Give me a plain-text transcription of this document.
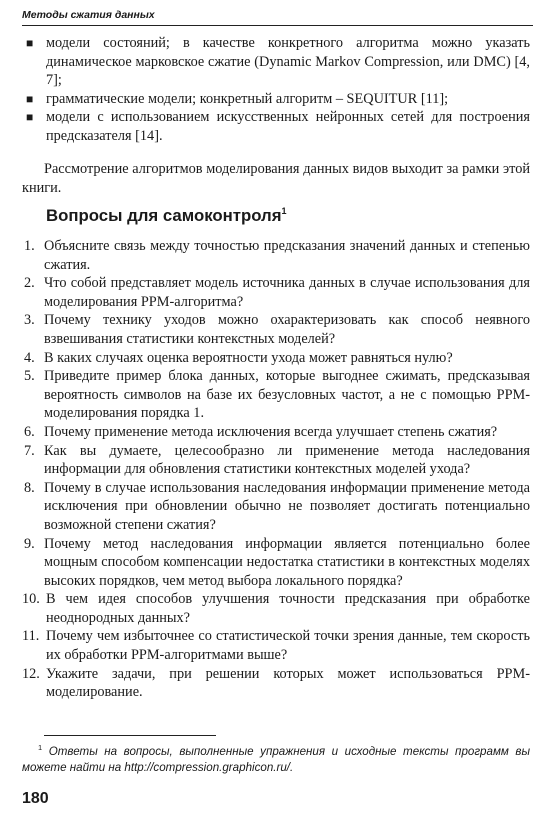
Методы сжатия данных
■ модели состояний; в качестве конкретного алгоритма можно указать динамическое марковское сжатие (Dynamic Markov Compression, или DMC) [4, 7];
■ грамматические модели; конкретный алгоритм – SEQUITUR [11];
■ модели с использованием искусственных нейронных сетей для построения предсказателя [14].

Рассмотрение алгоритмов моделирования данных видов выходит за рамки этой книги.

Вопросы для самоконтроля$^1$
1. Объясните связь между точностью предсказания значений данных и степенью сжатия.
2. Что собой представляет модель источника данных в случае использования для моделирования PPM-алгоритма?
3. Почему технику уходов можно охарактеризовать как способ неявного взвешивания статистики контекстных моделей?
4. В каких случаях оценка вероятности ухода может равняться нулю?
5. Приведите пример блока данных, которые выгоднее сжимать, предсказывая вероятность символов на базе их безусловных частот, а не с помощью PPM-моделирования порядка 1.
6. Почему применение метода исключения всегда улучшает степень сжатия?
7. Как вы думаете, целесообразно ли применение метода наследования информации для обновления статистики контекстных моделей ухода?
8. Почему в случае использования наследования информации применение метода исключения при обновлении обычно не позволяет достигать потенциально возможной степени сжатия?
9. Почему метод наследования информации является потенциально более мощным способом компенсации недостатка статистики в контекстных моделях высоких порядков, чем метод выбора локального порядка?
10. В чем идея способов улучшения точности предсказания при обработке неоднородных данных?
11. Почему чем избыточнее со статистической точки зрения данные, тем скорость их обработки PPM-алгоритмами выше?
12. Укажите задачи, при решении которых может использоваться PPM-моделирование.
$^1$ Ответы на вопросы, выполненные упражнения и исходные тексты программ вы можете найти на http://compression.graphicon.ru/.
180
